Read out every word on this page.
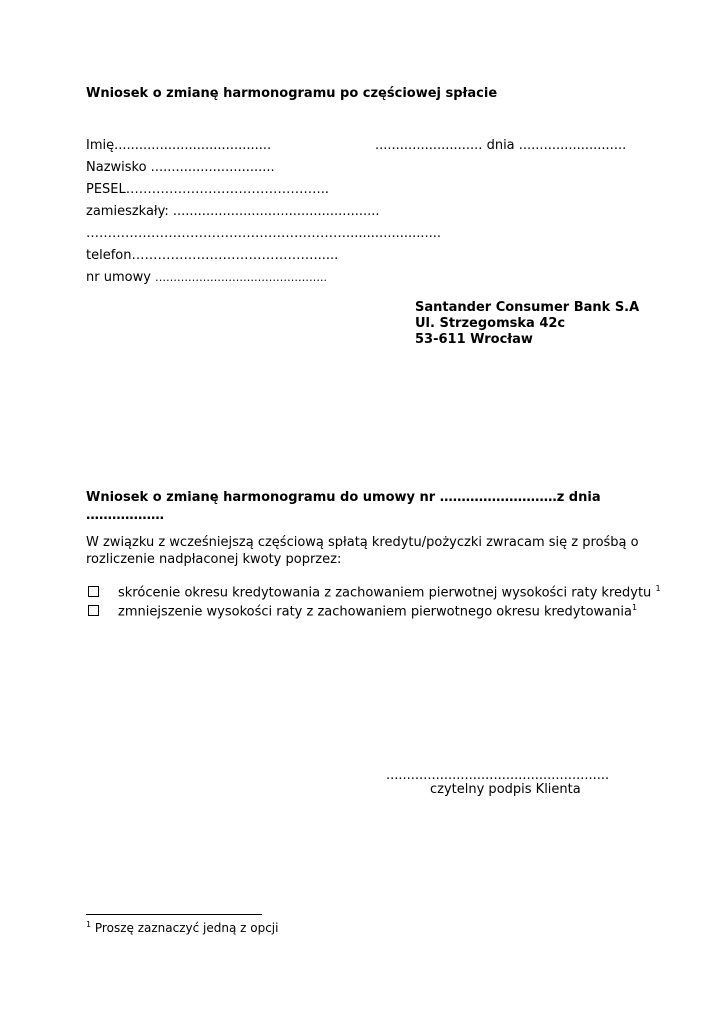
Wniosek o zmianę harmonogramu po częściowej spłacie
Imię......................................	.......................... dnia ..........................
Nazwisko ..............................
PESEL………………………………………..
zamieszkały: ..................................................
…………………………………………………….......................
telefon……………………………………......
nr umowy ………………………………………..
Santander Consumer Bank S.A
Ul. Strzegomska 42c
53-611 Wrocław
Wniosek o zmianę harmonogramu do umowy nr ………………………z dnia
………………
W związku z wcześniejszą częściową spłatą kredytu/pożyczki zwracam się z prośbą o
rozliczenie nadpłaconej kwoty poprzez:
skrócenie okresu kredytowania z zachowaniem pierwotnej wysokości raty kredytu $^1$
zmniejszenie wysokości raty z zachowaniem pierwotnego okresu kredytowania$^1$
......................................................
czytelny podpis Klienta
$^1$ Proszę zaznaczyć jedną z opcji
